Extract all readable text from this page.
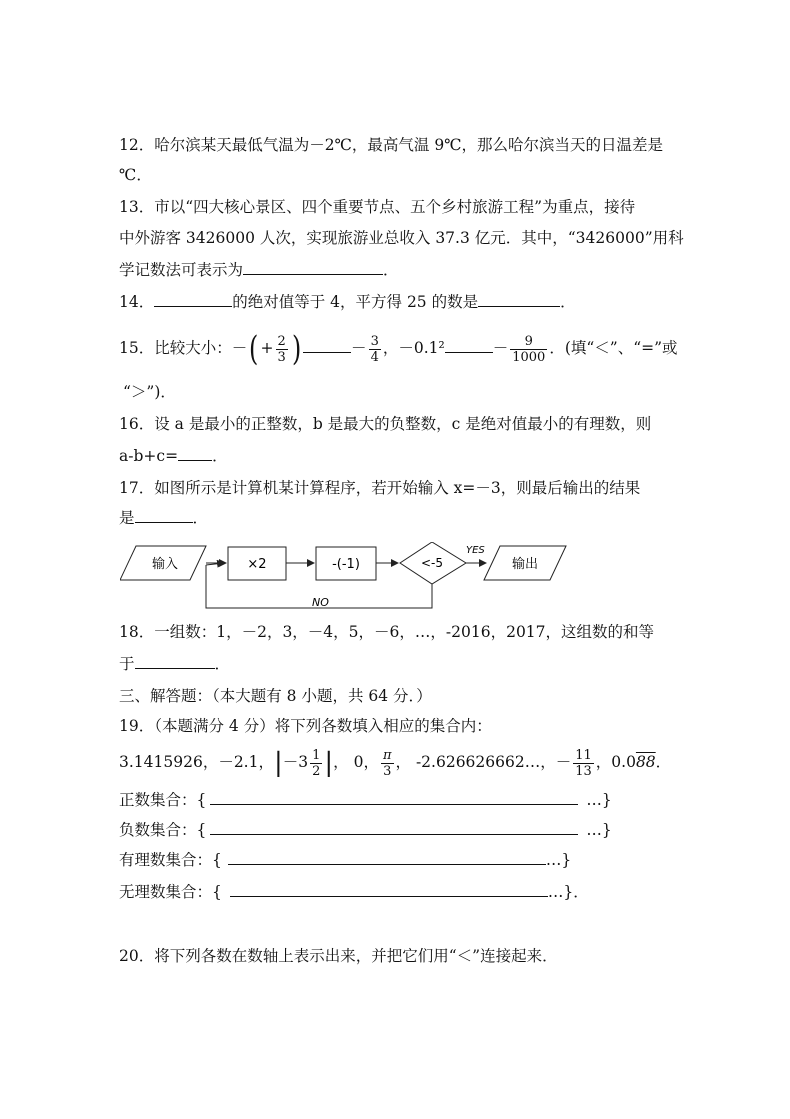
12．哈尔滨某天最低气温为－2℃，最高气温 9℃，那么哈尔滨当天的日温差是
℃．
13．市以“四大核心景区、四个重要节点、五个乡村旅游工程”为重点，接待
中外游客 3426000 人次，实现旅游业总收入 37.3 亿元．其中，“3426000”用科
学记数法可表示为	．
14．	的绝对值等于 4，平方得 25 的数是	．
15．比较大小：－( + $\frac{2}{3}$ )	－ $\frac{3}{4}$ ，－0.1²	－ $\frac{9}{1000}$ ．(填“＜”、“=”或
“＞”)．
16．设 a 是最小的正整数，b 是最大的负整数，c 是绝对值最小的有理数，则
a-b+c= ．
17．如图所示是计算机某计算程序，若开始输入 x=－3，则最后输出的结果
是	．
输入	×2	-(-1)	<-5
YES
输出
NO
18．一组数：1，－2，3，－4，5，－6，…，-2016，2017，这组数的和等
于	．
三、解答题：（本大题有 8 小题，共 64 分．）
19．（本题满分 4 分）将下列各数填入相应的集合内：
3.1415926，－2.1，$|-3 \frac{1}{2}$ |， 0， $\frac{\pi}{3}$ ， -2.626626662…，－ $\frac{11}{13}$ ，0.088．
正数集合：{	…}
负数集合：{	…}
有理数集合：{	…}
无理数集合：{	…}．
20．将下列各数在数轴上表示出来，并把它们用“＜”连接起来．
